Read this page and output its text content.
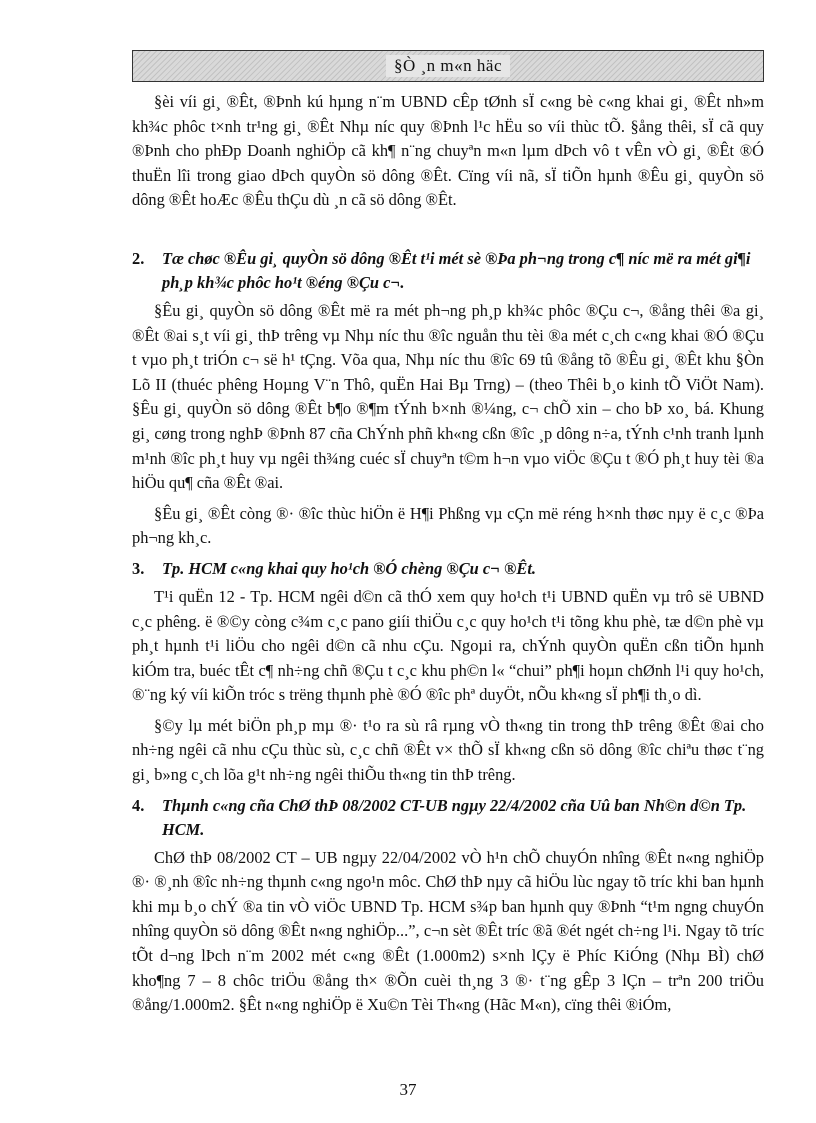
§Ò ¸n m«n häc

§èi víi gi¸ ®Êt, ®Þnh kú hµng n¨m UBND cÊp tØnh sÏ c«ng bè c«ng khai gi¸ ®Êt nh»m kh¾c phôc t×nh tr¹ng gi¸ ®Êt Nhµ níc quy ®Þnh l¹c hËu so víi thùc tÕ. §ång thêi, sÏ cã quy ®Þnh cho phÐp Doanh nghiÖp cã kh¶ n¨ng chuyªn m«n lµm dÞch vô t vÊn vÒ gi¸ ®Êt ®Ó thuËn lîi trong giao dÞch quyÒn sö dông ®Êt. Cïng víi nã, sÏ tiÕn hµnh ®Êu gi¸ quyÒn sö dông ®Êt hoÆc ®Êu thÇu dù ¸n cã sö dông ®Êt.

2. Tæ chøc ®Êu gi¸ quyÒn sö dông ®Êt t¹i mét sè ®Þa ph¬ng trong c¶ níc më ra mét gi¶i ph¸p kh¾c phôc ho¹t ®éng ®Çu c¬.

§Êu gi¸ quyÒn sö dông ®Êt më ra mét ph¬ng ph¸p kh¾c phôc ®Çu c¬, ®ång thêi ®a gi¸ ®Êt ®ai s¸t víi gi¸ thÞ trêng vµ Nhµ níc thu ®îc nguån thu tèi ®a mét c¸ch c«ng khai ®Ó ®Çu t vµo ph¸t triÓn c¬ së h¹ tÇng. Võa qua, Nhµ níc thu ®îc 69 tû ®ång tõ ®Êu gi¸ ®Êt khu §Òn Lõ II (thuéc phêng Hoµng V¨n Thô, quËn Hai Bµ Trng) – (theo Thêi b¸o kinh tÕ ViÖt Nam). §Êu gi¸ quyÒn sö dông ®Êt b¶o ®¶m tÝnh b×nh ®¼ng, c¬ chÕ xin – cho bÞ xo¸ bá. Khung gi¸ cøng trong nghÞ ®Þnh 87 cña ChÝnh phñ kh«ng cßn ®îc ¸p dông n÷a, tÝnh c¹nh tranh lµnh m¹nh ®îc ph¸t huy vµ ngêi th¾ng cuéc sÏ chuyªn t©m h¬n vµo viÖc ®Çu t ®Ó ph¸t huy tèi ®a hiÖu qu¶ cña ®Êt ®ai.

§Êu gi¸ ®Êt còng ®· ®îc thùc hiÖn ë H¶i Phßng vµ cÇn më réng h×nh thøc nµy ë c¸c ®Þa ph¬ng kh¸c.

3. Tp. HCM c«ng khai quy ho¹ch ®Ó chèng ®Çu c¬ ®Êt.

T¹i quËn 12 - Tp. HCM ngêi d©n cã thÓ xem quy ho¹ch t¹i UBND quËn vµ trô së UBND c¸c phêng. ë ®©y còng c¾m c¸c pano giíi thiÖu c¸c quy ho¹ch t¹i tõng khu phè, tæ d©n phè vµ ph¸t hµnh t¹i liÖu cho ngêi d©n cã nhu cÇu. Ngoµi ra, chÝnh quyÒn quËn cßn tiÕn hµnh kiÓm tra, buéc tÊt c¶ nh÷ng chñ ®Çu t c¸c khu ph©n l« “chui” ph¶i hoµn chØnh l¹i quy ho¹ch, ®¨ng ký víi kiÕn tróc s trëng thµnh phè ®Ó ®îc phª duyÖt, nÕu kh«ng sÏ ph¶i th¸o dì.

§©y lµ mét biÖn ph¸p mµ ®· t¹o ra sù râ rµng vÒ th«ng tin trong thÞ trêng ®Êt ®ai cho nh÷ng ngêi cã nhu cÇu thùc sù, c¸c chñ ®Êt v× thÕ sÏ kh«ng cßn sö dông ®îc chiªu thøc t¨ng gi¸ b»ng c¸ch lõa g¹t nh÷ng ngêi thiÕu th«ng tin thÞ trêng.

4. Thµnh c«ng cña ChØ thÞ 08/2002 CT-UB ngµy 22/4/2002 cña Uû ban Nh©n d©n Tp. HCM.

ChØ thÞ 08/2002 CT – UB ngµy 22/04/2002 vÒ h¹n chÕ chuyÓn nhîng ®Êt n«ng nghiÖp ®· ®¸nh ®îc nh÷ng thµnh c«ng ngo¹n môc. ChØ thÞ nµy cã hiÖu lùc ngay tõ tríc khi ban hµnh khi mµ b¸o chÝ ®a tin vÒ viÖc UBND Tp. HCM s¾p ban hµnh quy ®Þnh “t¹m ngng chuyÓn nhîng quyÒn sö dông ®Êt n«ng nghiÖp...”, c¬n sèt ®Êt tríc ®ã ®ét ngét ch÷ng l¹i. Ngay tõ tríc tÕt d¬ng lÞch n¨m 2002 mét c«ng ®Êt (1.000m2) s×nh lÇy ë Phíc KiÓng (Nhµ BÌ) chØ kho¶ng 7 – 8 chôc triÖu ®ång th× ®Õn cuèi th¸ng 3 ®· t¨ng gÊp 3 lÇn – trªn 200 triÖu ®ång/1.000m2. §Êt n«ng nghiÖp ë Xu©n Tèi Th«ng (Hãc M«n), cïng thêi ®iÓm,

37
